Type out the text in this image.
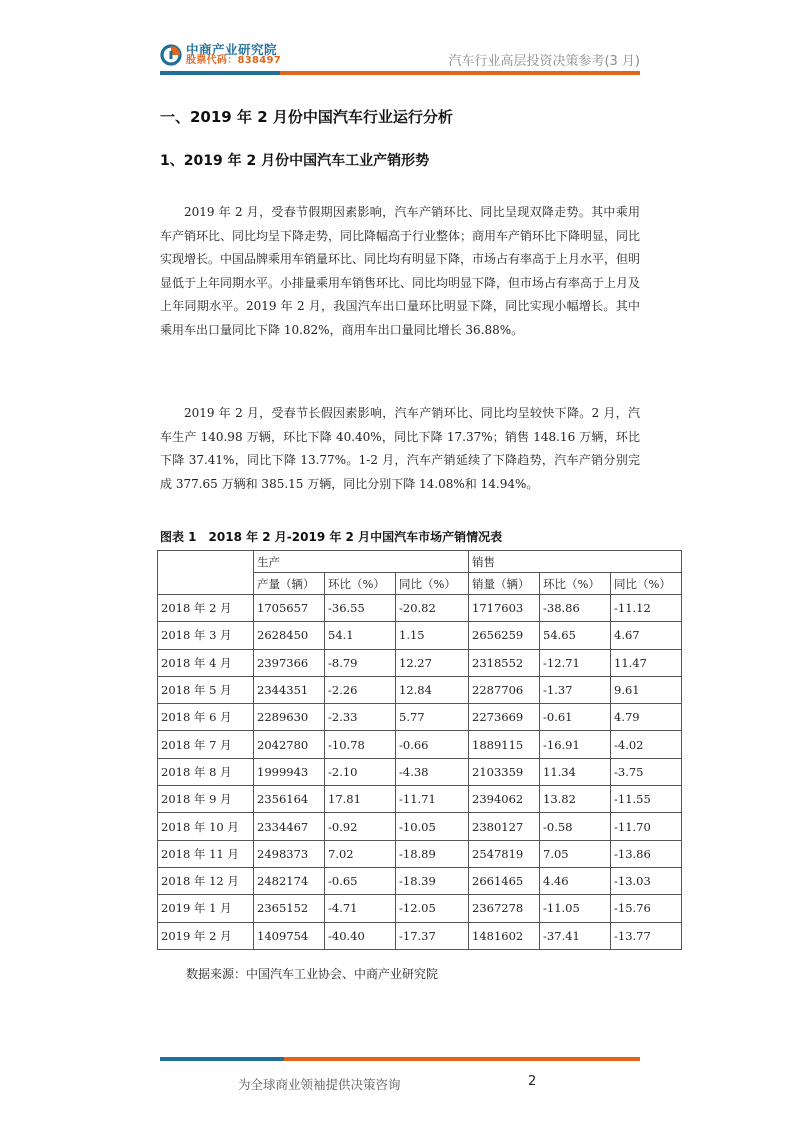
中商产业研究院
股票代码：838497	汽车行业高层投资决策参考(3 月)
一、2019 年 2 月份中国汽车行业运行分析
1、2019 年 2 月份中国汽车工业产销形势

2019 年 2 月，受春节假期因素影响，汽车产销环比、同比呈现双降走势。其中乘用车产销环比、同比均呈下降走势，同比降幅高于行业整体；商用车产销环比下降明显，同比实现增长。中国品牌乘用车销量环比、同比均有明显下降，市场占有率高于上月水平，但明显低于上年同期水平。小排量乘用车销售环比、同比均明显下降，但市场占有率高于上月及上年同期水平。2019 年 2 月，我国汽车出口量环比明显下降，同比实现小幅增长。其中乘用车出口量同比下降 10.82%，商用车出口量同比增长 36.88%。

2019 年 2 月，受春节长假因素影响，汽车产销环比、同比均呈较快下降。2 月，汽车生产 140.98 万辆，环比下降 40.40%，同比下降 17.37%；销售 148.16 万辆，环比下降 37.41%，同比下降 13.77%。1-2 月，汽车产销延续了下降趋势，汽车产销分别完成 377.65 万辆和 385.15 万辆，同比分别下降 14.08%和 14.94%。

图表 1　2018 年 2 月-2019 年 2 月中国汽车市场产销情况表
	生产			销售		
	产量（辆）	环比（%）	同比（%）	销量（辆）	环比（%）	同比（%）
2018 年 2 月	1705657	-36.55	-20.82	1717603	-38.86	-11.12
2018 年 3 月	2628450	54.1	1.15	2656259	54.65	4.67
2018 年 4 月	2397366	-8.79	12.27	2318552	-12.71	11.47
2018 年 5 月	2344351	-2.26	12.84	2287706	-1.37	9.61
2018 年 6 月	2289630	-2.33	5.77	2273669	-0.61	4.79
2018 年 7 月	2042780	-10.78	-0.66	1889115	-16.91	-4.02
2018 年 8 月	1999943	-2.10	-4.38	2103359	11.34	-3.75
2018 年 9 月	2356164	17.81	-11.71	2394062	13.82	-11.55
2018 年 10 月	2334467	-0.92	-10.05	2380127	-0.58	-11.70
2018 年 11 月	2498373	7.02	-18.89	2547819	7.05	-13.86
2018 年 12 月	2482174	-0.65	-18.39	2661465	4.46	-13.03
2019 年 1 月	2365152	-4.71	-12.05	2367278	-11.05	-15.76
2019 年 2 月	1409754	-40.40	-17.37	1481602	-37.41	-13.77
数据来源：中国汽车工业协会、中商产业研究院
为全球商业领袖提供决策咨询	2
